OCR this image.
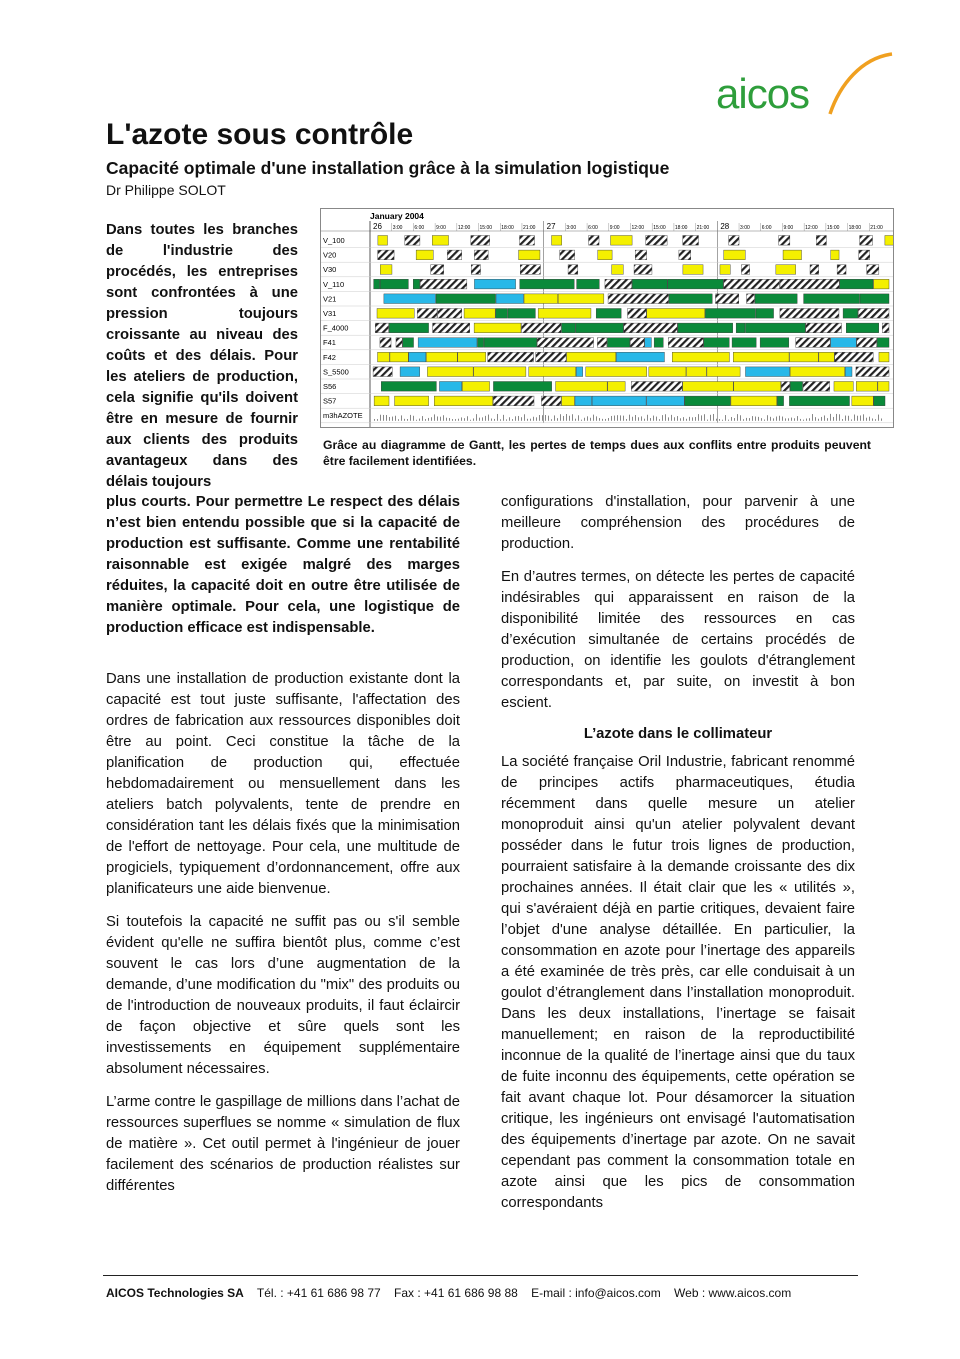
aicos
L'azote sous contrôle
Capacité optimale d'une installation grâce à la simulation logistique
Dr Philippe SOLOT
Dans toutes les branches de l'industrie des procédés, les entreprises sont confrontées à une pression toujours croissante au niveau des coûts et des délais. Pour les ateliers de production, cela signifie qu'ils doivent être en mesure de fournir aux clients des produits avantageux dans des délais toujours
plus courts. Pour permettre Le respect des délais n’est bien entendu possible que si la capacité de production est suffisante. Comme une rentabilité raisonnable est exigée malgré des marges réduites, la capacité doit en outre être utilisée de manière optimale. Pour cela, une logistique de production efficace est indispensable.
January 2004
26 3:00 6:00 9:00 12:00 15:00 18:00 21:00 27 3:00 6:00 9:00 12:00 15:00 18:00 21:00 28 3:00 6:00 9:00 12:00 15:00 18:00 21:00
V_100
V20
V30
V_110
V21
V31
F_4000
F41
F42
S_5500
S56
S57
m3hAZOTE
Grâce au diagramme de Gantt, les pertes de temps dues aux conflits entre produits peuvent être facilement identifiées.

Dans une installation de production existante dont la capacité est tout juste suffisante, l'affectation des ordres de fabrication aux ressources disponibles doit être au point. Ceci constitue la tâche de la planification de production qui, effectuée hebdomadairement ou mensuellement dans les ateliers batch polyvalents, tente de prendre en considération tant les délais fixés que la minimisation de l'effort de nettoyage. Pour cela, une multitude de progiciels, typiquement d’ordonnancement, offre aux planificateurs une aide bienvenue.

Si toutefois la capacité ne suffit pas ou s'il semble évident qu'elle ne suffira bientôt plus, comme c’est souvent le cas lors d’une augmentation de la demande, d’une modification du "mix" des produits ou de l'introduction de nouveaux produits, il faut éclaircir de façon objective et sûre quels sont les investissements en équipement supplémentaire absolument nécessaires.

L’arme contre le gaspillage de millions dans l’achat de ressources superflues se nomme « simulation de flux de matière ». Cet outil permet à l'ingénieur de jouer facilement des scénarios de production réalistes sur différentes

configurations d'installation, pour parvenir à une meilleure compréhension des procédures de production.

En d’autres termes, on détecte les pertes de capacité indésirables qui apparaissent en raison de la disponibilité limitée des ressources en cas d’exécution simultanée de certains procédés de production, on identifie les goulots d'étranglement correspondants et, par suite, on investit à bon escient.

L’azote dans le collimateur

La société française Oril Industrie, fabricant renommé de principes actifs pharmaceutiques, étudia récemment dans quelle mesure un atelier monoproduit ainsi qu'un atelier polyvalent devant posséder dans le futur trois lignes de production, pourraient satisfaire à la demande croissante des dix prochaines années. Il était clair que les « utilités », qui s'avéraient déjà en partie critiques, devaient faire l’objet d'une analyse détaillée. En particulier, la consommation en azote pour l’inertage des appareils a été examinée de très près, car elle conduisait à un goulot d’étranglement dans l’installation monoproduit. Dans les deux installations, l’inertage se faisait manuellement; en raison de la reproductibilité inconnue de la qualité de l’inertage ainsi que du taux de fuite inconnu des équipements, cette opération se fait avant chaque lot. Pour désamorcer la situation critique, les ingénieurs ont envisagé l'automatisation des équipements d’inertage par azote. On ne savait cependant pas comment la consommation totale en azote ainsi que les pics de consommation correspondants

AICOS Technologies SA Tél. : +41 61 686 98 77 Fax : +41 61 686 98 88 E-mail : info@aicos.com Web : www.aicos.com
